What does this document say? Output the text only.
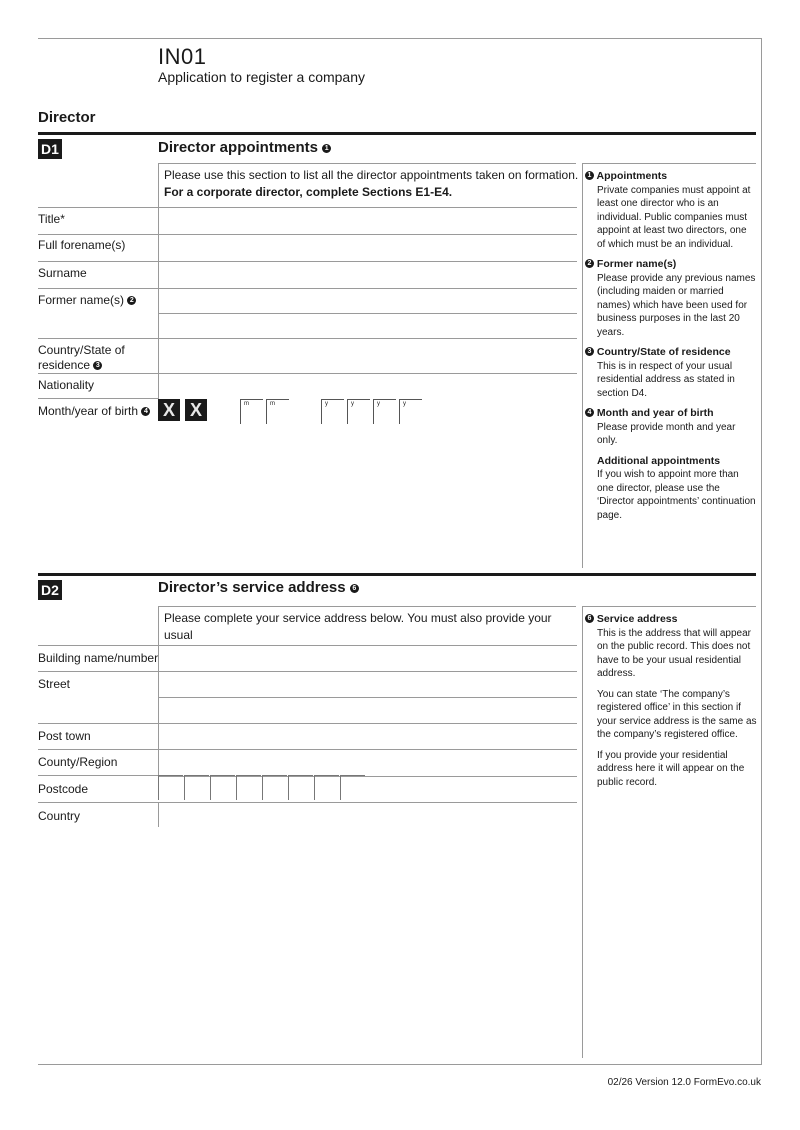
IN01
Application to register a company
Director
D1	Director appointments 1
Please use this section to list all the director appointments taken on formation.
For a corporate director, complete Sections E1-E4.
Title*
Full forename(s)
Surname
Former name(s) 2
Country/State of
residence 3
Nationality
Month/year of birth 4 X X	m	m	y	y	y	y
1 Appointments
Private companies must appoint at least one director who is an individual. Public companies must appoint at least two directors, one of which must be an individual.
2 Former name(s)
Please provide any previous names (including maiden or married names) which have been used for business purposes in the last 20 years.
3 Country/State of residence
This is in respect of your usual residential address as stated in section D4.
4 Month and year of birth
Please provide month and year only.
Additional appointments
If you wish to appoint more than one director, please use the ‘Director appointments’ continuation page.
D2	Director’s service address 6
Please complete your service address below. You must also provide your usual
Building name/number
Street
Post town
County/Region
Postcode
Country
6 Service address
This is the address that will appear on the public record. This does not have to be your usual residential address.
You can state ‘The company’s registered office’ in this section if your service address is the same as the company’s registered office.
If you provide your residential address here it will appear on the public record.
02/26 Version 12.0 FormEvo.co.uk
